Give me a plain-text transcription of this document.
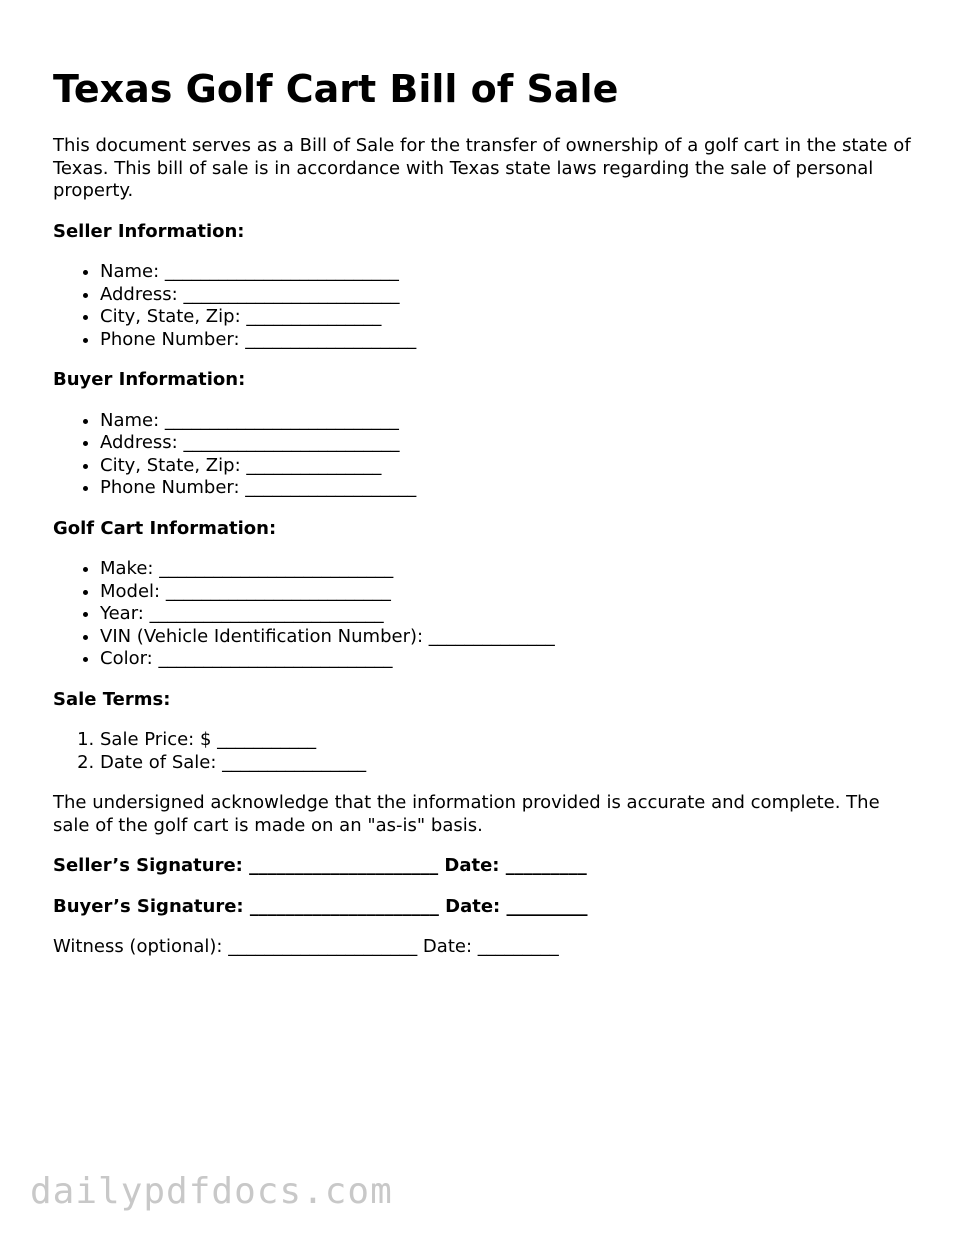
Texas Golf Cart Bill of Sale

This document serves as a Bill of Sale for the transfer of ownership of a golf cart in the state of Texas. This bill of sale is in accordance with Texas state laws regarding the sale of personal property.

Seller Information:
• Name: __________________________
• Address: ________________________
• City, State, Zip: _______________
• Phone Number: ___________________
Buyer Information:
• Name: __________________________
• Address: ________________________
• City, State, Zip: _______________
• Phone Number: ___________________
Golf Cart Information:
• Make: __________________________
• Model: _________________________
• Year: __________________________
• VIN (Vehicle Identification Number): ______________
• Color: __________________________
Sale Terms:
1. Sale Price: $ ___________
2. Date of Sale: ________________

The undersigned acknowledge that the information provided is accurate and complete. The sale of the golf cart is made on an "as-is" basis.

Seller’s Signature: _____________________ Date: _________
Buyer’s Signature: _____________________ Date: _________
Witness (optional): _____________________ Date: _________
dailypdfdocs.com
